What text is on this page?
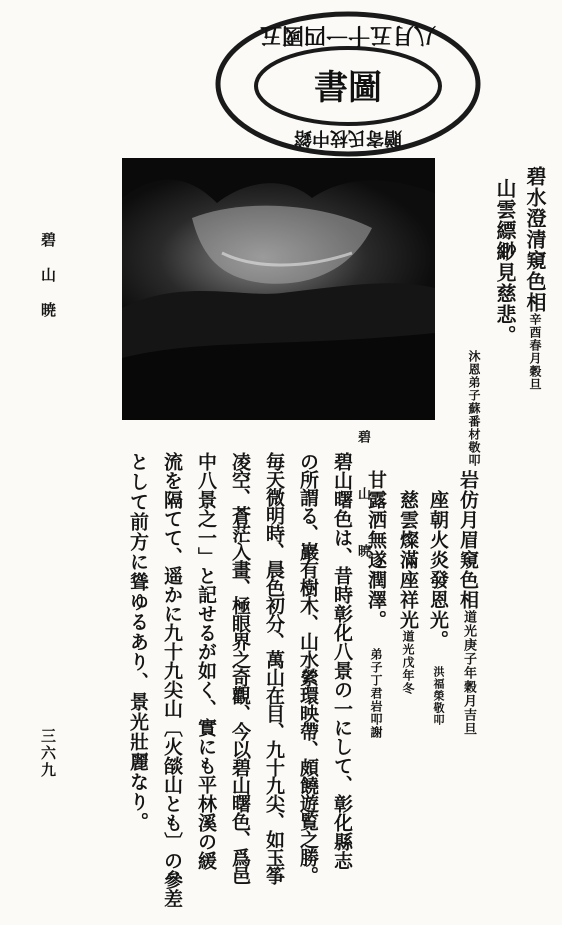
書圖
八月五十一四國五
贈寄氏枝中鎔
碧山暁
三六九
碧山暁
碧水澄清窺色相辛酉春月穀旦
山雲縹緲見慈悲。
沐恩弟子蘇番材敬叩
岩仿月眉窺色相道光庚子年穀月吉旦
座朝火炎發恩光。洪福榮敬叩
慈雲燦滿座祥光道光戊年冬
甘露洒無遂潤澤。弟子丁君岩叩謝
碧山曙色は、昔時彰化八景の一にして、彰化縣志
の所謂る、巖有樹木、山水縈環映帶、頗饒遊覧之勝。
毎天微明時、晨色初分、萬山在目、九十九尖、如玉筝
凌空、蒼茫入畫、極眼界之奇觀、今以碧山曙色、爲邑
中八景之一」と記せるが如く、實にも平林溪の緩
流を隔てて、遥かに九十九尖山〔火燄山とも〕の參差
として前方に聳ゆるあり、景光壯麗なり。
